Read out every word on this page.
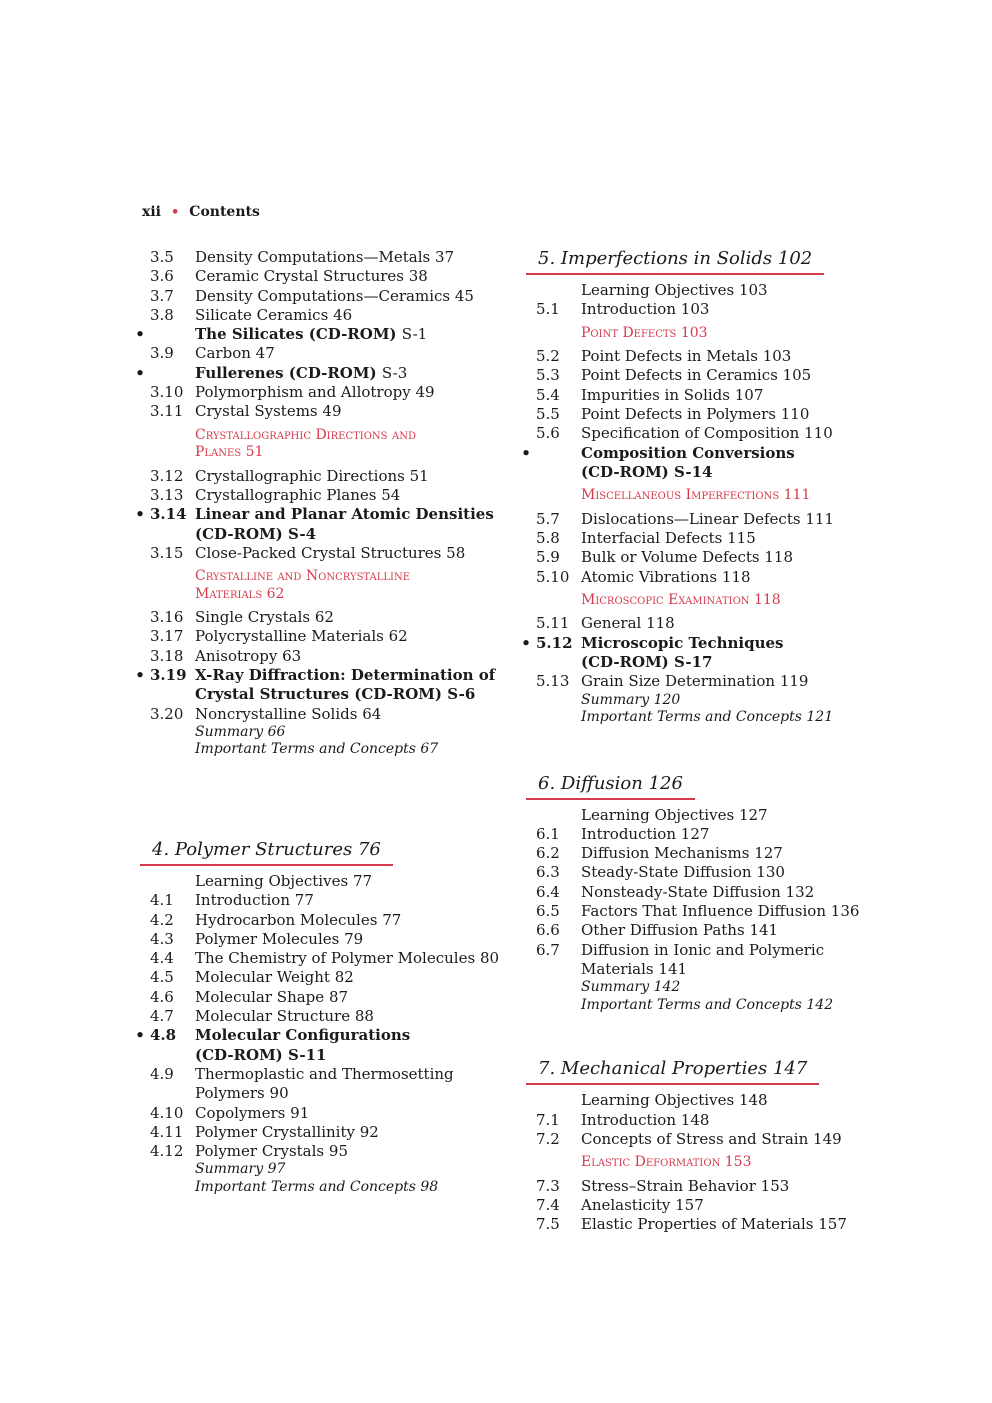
xii • Contents
3.5 Density Computations—Metals 37
3.6 Ceramic Crystal Structures 38
3.7 Density Computations—Ceramics 45
3.8 Silicate Ceramics 46
•	The Silicates (CD-ROM) S-1
3.9 Carbon 47
•	Fullerenes (CD-ROM) S-3
3.10 Polymorphism and Allotropy 49
3.11 Crystal Systems 49
Crystallographic Directions and
Planes 51
3.12 Crystallographic Directions 51
3.13 Crystallographic Planes 54
• 3.14 Linear and Planar Atomic Densities
(CD-ROM) S-4
3.15 Close-Packed Crystal Structures 58
Crystalline and Noncrystalline
Materials 62
3.16 Single Crystals 62
3.17 Polycrystalline Materials 62
3.18 Anisotropy 63
• 3.19 X-Ray Diffraction: Determination of
Crystal Structures (CD-ROM) S-6
3.20 Noncrystalline Solids 64
Summary 66
Important Terms and Concepts 67
4. Polymer Structures 76
Learning Objectives 77
4.1 Introduction 77
4.2 Hydrocarbon Molecules 77
4.3 Polymer Molecules 79
4.4 The Chemistry of Polymer Molecules 80
4.5 Molecular Weight 82
4.6 Molecular Shape 87
4.7 Molecular Structure 88
• 4.8 Molecular Configurations
(CD-ROM) S-11
4.9 Thermoplastic and Thermosetting
Polymers 90
4.10 Copolymers 91
4.11 Polymer Crystallinity 92
4.12 Polymer Crystals 95
Summary 97
Important Terms and Concepts 98
5. Imperfections in Solids 102
Learning Objectives 103
5.1 Introduction 103
Point Defects 103
5.2 Point Defects in Metals 103
5.3 Point Defects in Ceramics 105
5.4 Impurities in Solids 107
5.5 Point Defects in Polymers 110
5.6 Specification of Composition 110
•	Composition Conversions
(CD-ROM) S-14
Miscellaneous Imperfections 111
5.7 Dislocations—Linear Defects 111
5.8 Interfacial Defects 115
5.9 Bulk or Volume Defects 118
5.10 Atomic Vibrations 118
Microscopic Examination 118
5.11 General 118
• 5.12 Microscopic Techniques
(CD-ROM) S-17
5.13 Grain Size Determination 119
Summary 120
Important Terms and Concepts 121
6. Diffusion 126
Learning Objectives 127
6.1 Introduction 127
6.2 Diffusion Mechanisms 127
6.3 Steady-State Diffusion 130
6.4 Nonsteady-State Diffusion 132
6.5 Factors That Influence Diffusion 136
6.6 Other Diffusion Paths 141
6.7 Diffusion in Ionic and Polymeric
Materials 141
Summary 142
Important Terms and Concepts 142
7. Mechanical Properties 147
Learning Objectives 148
7.1 Introduction 148
7.2 Concepts of Stress and Strain 149
Elastic Deformation 153
7.3 Stress–Strain Behavior 153
7.4 Anelasticity 157
7.5 Elastic Properties of Materials 157
